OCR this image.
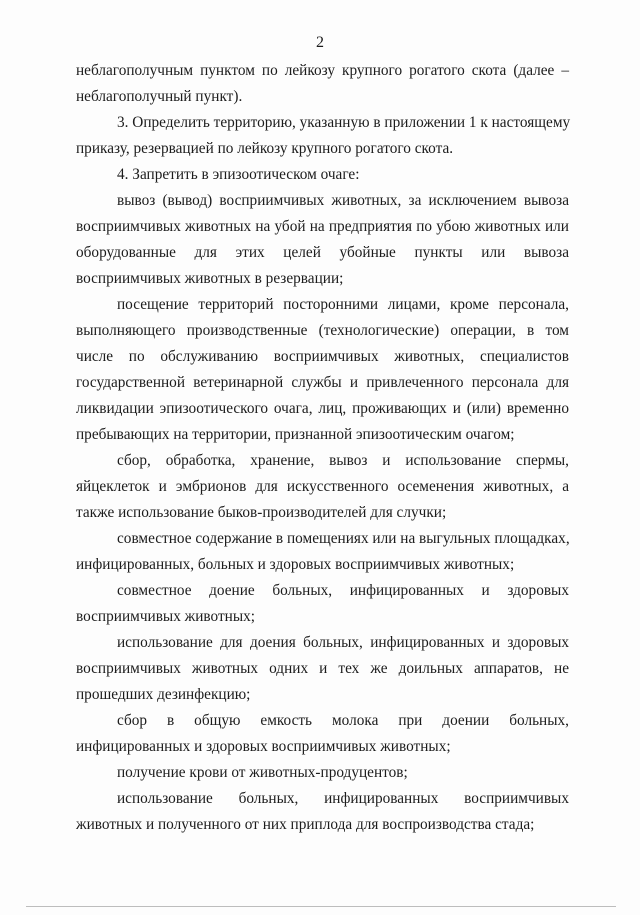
2
неблагополучным пунктом по лейкозу крупного рогатого скота (далее –
неблагополучный пункт).
3. Определить территорию, указанную в приложении 1 к настоящему
приказу, резервацией по лейкозу крупного рогатого скота.
4. Запретить в эпизоотическом очаге:
вывоз (вывод) восприимчивых животных, за исключением вывоза
восприимчивых животных на убой на предприятия по убою животных или
оборудованные для этих целей убойные пункты или вывоза
восприимчивых животных в резервации;
посещение территорий посторонними лицами, кроме персонала,
выполняющего производственные (технологические) операции, в том
числе по обслуживанию восприимчивых животных, специалистов
государственной ветеринарной службы и привлеченного персонала для
ликвидации эпизоотического очага, лиц, проживающих и (или) временно
пребывающих на территории, признанной эпизоотическим очагом;
сбор, обработка, хранение, вывоз и использование спермы,
яйцеклеток и эмбрионов для искусственного осеменения животных, а
также использование быков-производителей для случки;
совместное содержание в помещениях или на выгульных площадках,
инфицированных, больных и здоровых восприимчивых животных;
совместное доение больных, инфицированных и здоровых
восприимчивых животных;
использование для доения больных, инфицированных и здоровых
восприимчивых животных одних и тех же доильных аппаратов, не
прошедших дезинфекцию;
сбор в общую емкость молока при доении больных,
инфицированных и здоровых восприимчивых животных;
получение крови от животных-продуцентов;
использование больных, инфицированных восприимчивых
животных и полученного от них приплода для воспроизводства стада;
